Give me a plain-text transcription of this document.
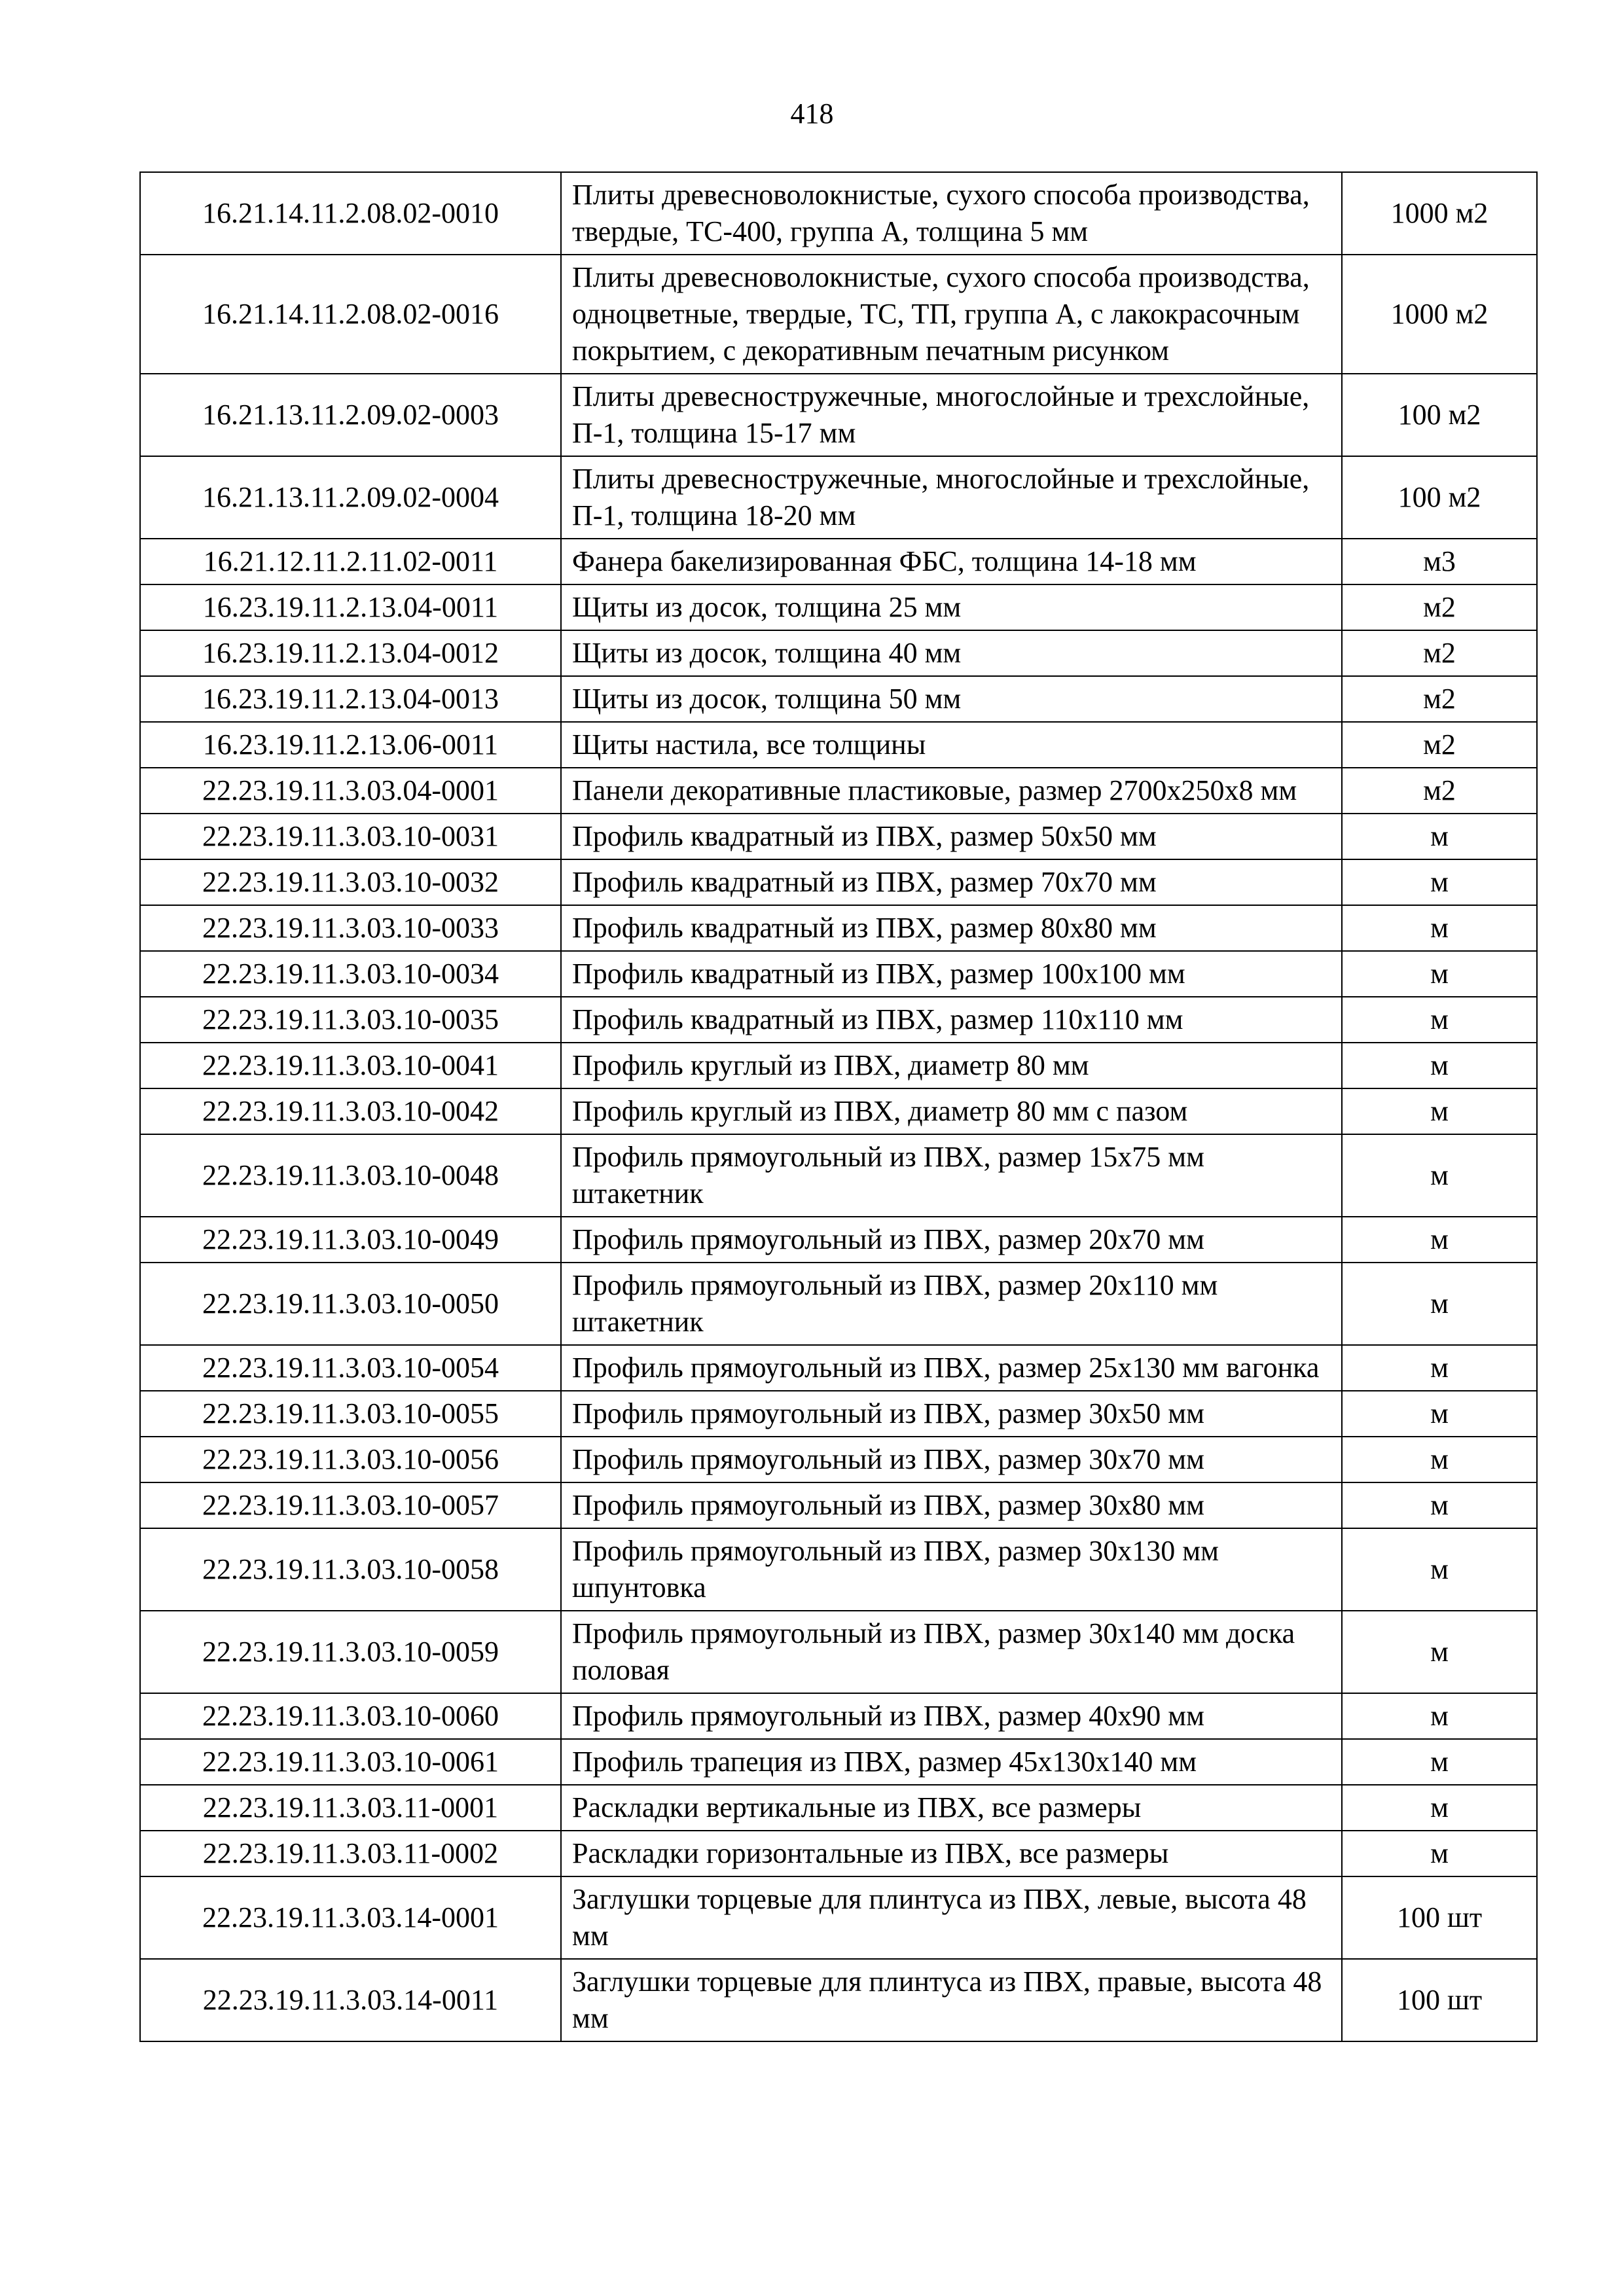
418
16.21.14.11.2.08.02-0010	Плиты древесноволокнистые, сухого способа производства, твердые, ТС-400, группа А, толщина 5 мм	1000 м2
16.21.14.11.2.08.02-0016	Плиты древесноволокнистые, сухого способа производства, одноцветные, твердые, ТС, ТП, группа А, с лакокрасочным покрытием, с декоративным печатным рисунком	1000 м2
16.21.13.11.2.09.02-0003	Плиты древесностружечные, многослойные и трехслойные, П-1, толщина 15-17 мм	100 м2
16.21.13.11.2.09.02-0004	Плиты древесностружечные, многослойные и трехслойные, П-1, толщина 18-20 мм	100 м2
16.21.12.11.2.11.02-0011	Фанера бакелизированная ФБС, толщина 14-18 мм	м3
16.23.19.11.2.13.04-0011	Щиты из досок, толщина 25 мм	м2
16.23.19.11.2.13.04-0012	Щиты из досок, толщина 40 мм	м2
16.23.19.11.2.13.04-0013	Щиты из досок, толщина 50 мм	м2
16.23.19.11.2.13.06-0011	Щиты настила, все толщины	м2
22.23.19.11.3.03.04-0001	Панели декоративные пластиковые, размер 2700х250х8 мм	м2
22.23.19.11.3.03.10-0031	Профиль квадратный из ПВХ, размер 50х50 мм	м
22.23.19.11.3.03.10-0032	Профиль квадратный из ПВХ, размер 70х70 мм	м
22.23.19.11.3.03.10-0033	Профиль квадратный из ПВХ, размер 80х80 мм	м
22.23.19.11.3.03.10-0034	Профиль квадратный из ПВХ, размер 100х100 мм	м
22.23.19.11.3.03.10-0035	Профиль квадратный из ПВХ, размер 110х110 мм	м
22.23.19.11.3.03.10-0041	Профиль круглый из ПВХ, диаметр 80 мм	м
22.23.19.11.3.03.10-0042	Профиль круглый из ПВХ, диаметр 80 мм с пазом	м
22.23.19.11.3.03.10-0048	Профиль прямоугольный из ПВХ, размер 15х75 мм штакетник	м
22.23.19.11.3.03.10-0049	Профиль прямоугольный из ПВХ, размер 20х70 мм	м
22.23.19.11.3.03.10-0050	Профиль прямоугольный из ПВХ, размер 20х110 мм штакетник	м
22.23.19.11.3.03.10-0054	Профиль прямоугольный из ПВХ, размер 25х130 мм вагонка	м
22.23.19.11.3.03.10-0055	Профиль прямоугольный из ПВХ, размер 30х50 мм	м
22.23.19.11.3.03.10-0056	Профиль прямоугольный из ПВХ, размер 30х70 мм	м
22.23.19.11.3.03.10-0057	Профиль прямоугольный из ПВХ, размер 30х80 мм	м
22.23.19.11.3.03.10-0058	Профиль прямоугольный из ПВХ, размер 30х130 мм шпунтовка	м
22.23.19.11.3.03.10-0059	Профиль прямоугольный из ПВХ, размер 30х140 мм доска половая	м
22.23.19.11.3.03.10-0060	Профиль прямоугольный из ПВХ, размер 40х90 мм	м
22.23.19.11.3.03.10-0061	Профиль трапеция из ПВХ, размер 45х130х140 мм	м
22.23.19.11.3.03.11-0001	Раскладки вертикальные из ПВХ, все размеры	м
22.23.19.11.3.03.11-0002	Раскладки горизонтальные из ПВХ, все размеры	м
22.23.19.11.3.03.14-0001	Заглушки торцевые для плинтуса из ПВХ, левые, высота 48 мм	100 шт
22.23.19.11.3.03.14-0011	Заглушки торцевые для плинтуса из ПВХ, правые, высота 48 мм	100 шт
